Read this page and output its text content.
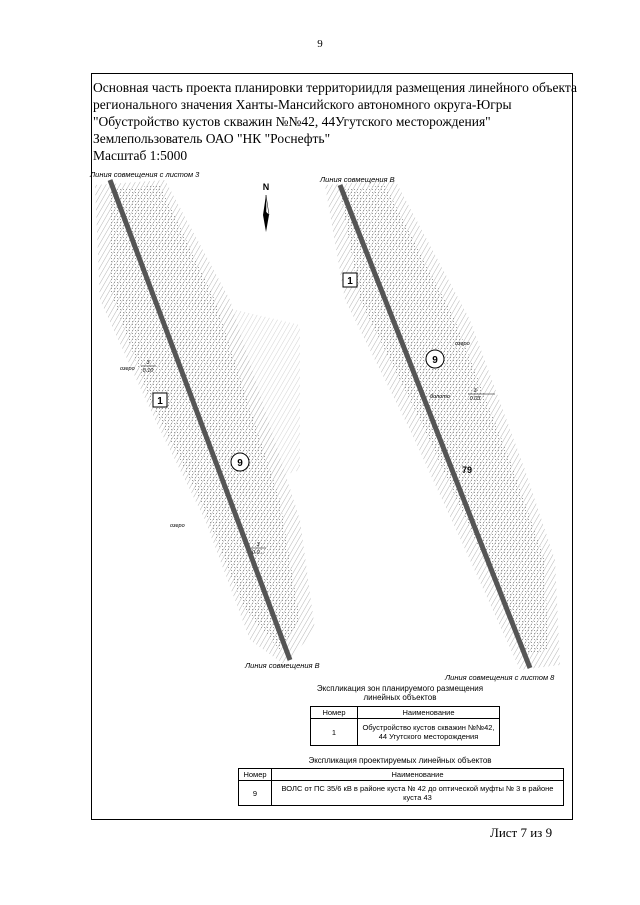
9
Основная часть проекта планировки территориидля размещения линейного объекта
регионального значения Ханты-Мансийского автономного округа-Югры
"Обустройство кустов скважин №№42, 44Угутского месторождения"
Землепользователь ОАО "НК "Роснефть"
Масштаб 1:5000
N
Линия совмещения с листом 3
Линия совмещения В
1
9
озеро
3
0.10
озеро
3
0.0...
Линия совмещения В
Линия совмещения с листом 8
1
9
79
озеро
болото
3
0.03
Экспликация зон планируемого размещения линейных объектов
Номер	Наименование
1	Обустройство кустов скважин №№42, 44 Угутского месторождения
Экспликация проектируемых линейных объектов
Номер	Наименование
9	ВОЛС от ПС 35/6 кВ в районе куста № 42 до оптической муфты № 3 в районе куста 43
Лист 7 из 9
